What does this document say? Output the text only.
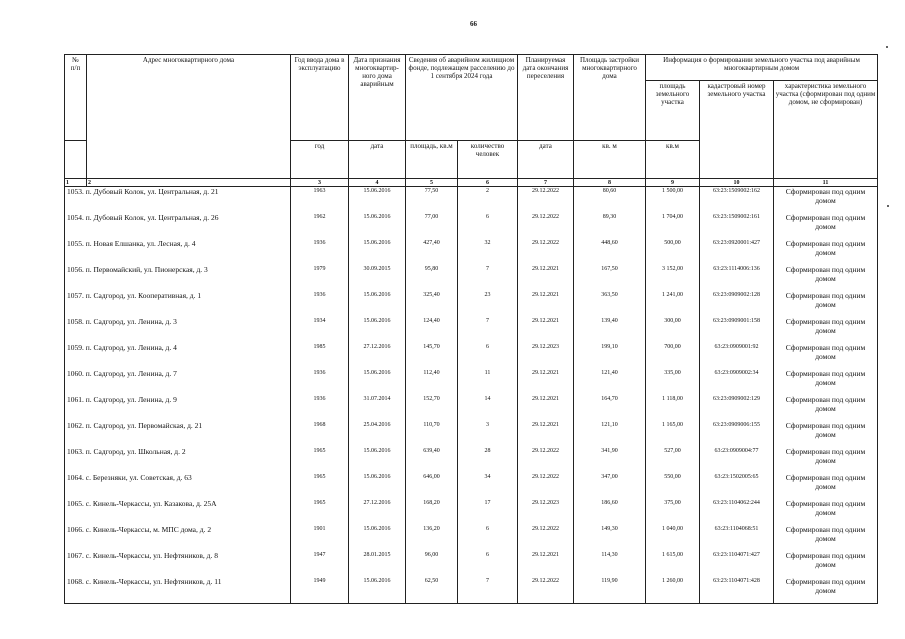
66
№
п/п	Адрес многоквартирного дома	Год ввода дома в эксплуатацию	Дата признания многоквартир-ного дома аварийным	Сведения об аварийном жилищном фонде, подлежащем расселению до 1 сентября 2024 года		Планируемая дата окончания переселения	Площадь застройки многоквартирного дома	Информация о формировании земельного участка под аварийным многоквартирным домом		
								площадь земельного участка	кадастровый номер земельного участка	характеристика земельного участка (сформирован под одним домом, не сформирован)
		год	дата	площадь, кв.м	количество человек	дата	кв. м	кв.м		
1	2	3	4	5	6	7	8	9	10	11
1053. п. Дубовый Колок, ул. Центральная, д. 21		1963	15.06.2016	77,50	2	29.12.2022	80,60	1 500,00	63:23:1509002:162	Сформирован под одним домом
1054. п. Дубовый Колок, ул. Центральная, д. 26		1962	15.06.2016	77,00	6	29.12.2022	89,30	1 704,00	63:23:1509002:161	Сформирован под одним домом
1055. п. Новая Елшанка, ул. Лесная, д. 4		1936	15.06.2016	427,40	32	29.12.2022	448,60	500,00	63:23:0920001:427	Сформирован под одним домом
1056. п. Первомайский, ул. Пионерская, д. 3		1979	30.09.2015	95,80	7	29.12.2021	167,50	3 152,00	63:23:1114006:136	Сформирован под одним домом
1057. п. Садгород, ул. Кооперативная, д. 1		1936	15.06.2016	325,40	23	29.12.2021	363,50	1 241,00	63:23:0909002:128	Сформирован под одним домом
1058. п. Садгород, ул. Ленина, д. 3		1934	15.06.2016	124,40	7	29.12.2021	139,40	300,00	63:23:0909001:158	Сформирован под одним домом
1059. п. Садгород, ул. Ленина, д. 4		1985	27.12.2016	145,70	6	29.12.2023	199,10	700,00	63:23:0909001:92	Сформирован под одним домом
1060. п. Садгород, ул. Ленина, д. 7		1936	15.06.2016	112,40	11	29.12.2021	121,40	335,00	63:23:0909002:34	Сформирован под одним домом
1061. п. Садгород, ул. Ленина, д. 9		1936	31.07.2014	152,70	14	29.12.2021	164,70	1 118,00	63:23:0909002:129	Сформирован под одним домом
1062. п. Садгород, ул. Первомайская, д. 21		1968	25.04.2016	110,70	3	29.12.2021	121,10	1 165,00	63:23:0909006:155	Сформирован под одним домом
1063. п. Садгород, ул. Школьная, д. 2		1965	15.06.2016	639,40	28	29.12.2022	341,90	527,00	63:23:0909004:77	Сформирован под одним домом
1064. с. Березняки, ул. Советская, д. 63		1965	15.06.2016	646,00	34	29.12.2022	347,00	550,00	63:23:1502005:65	Сформирован под одним домом
1065. с. Кинель-Черкассы, ул. Казакова, д. 25А		1965	27.12.2016	168,20	17	29.12.2023	186,60	375,00	63:23:1104062:244	Сформирован под одним домом
1066. с. Кинель-Черкассы, м. МПС дома, д. 2		1901	15.06.2016	136,20	6	29.12.2022	149,30	1 040,00	63:23:1104068:51	Сформирован под одним домом
1067. с. Кинель-Черкассы, ул. Нефтяников, д. 8		1947	28.01.2015	96,00	6	29.12.2021	114,30	1 615,00	63:23:1104071:427	Сформирован под одним домом
1068. с. Кинель-Черкассы, ул. Нефтяников, д. 11		1949	15.06.2016	62,50	7	29.12.2022	119,90	1 260,00	63:23:1104071:428	Сформирован под одним домом
